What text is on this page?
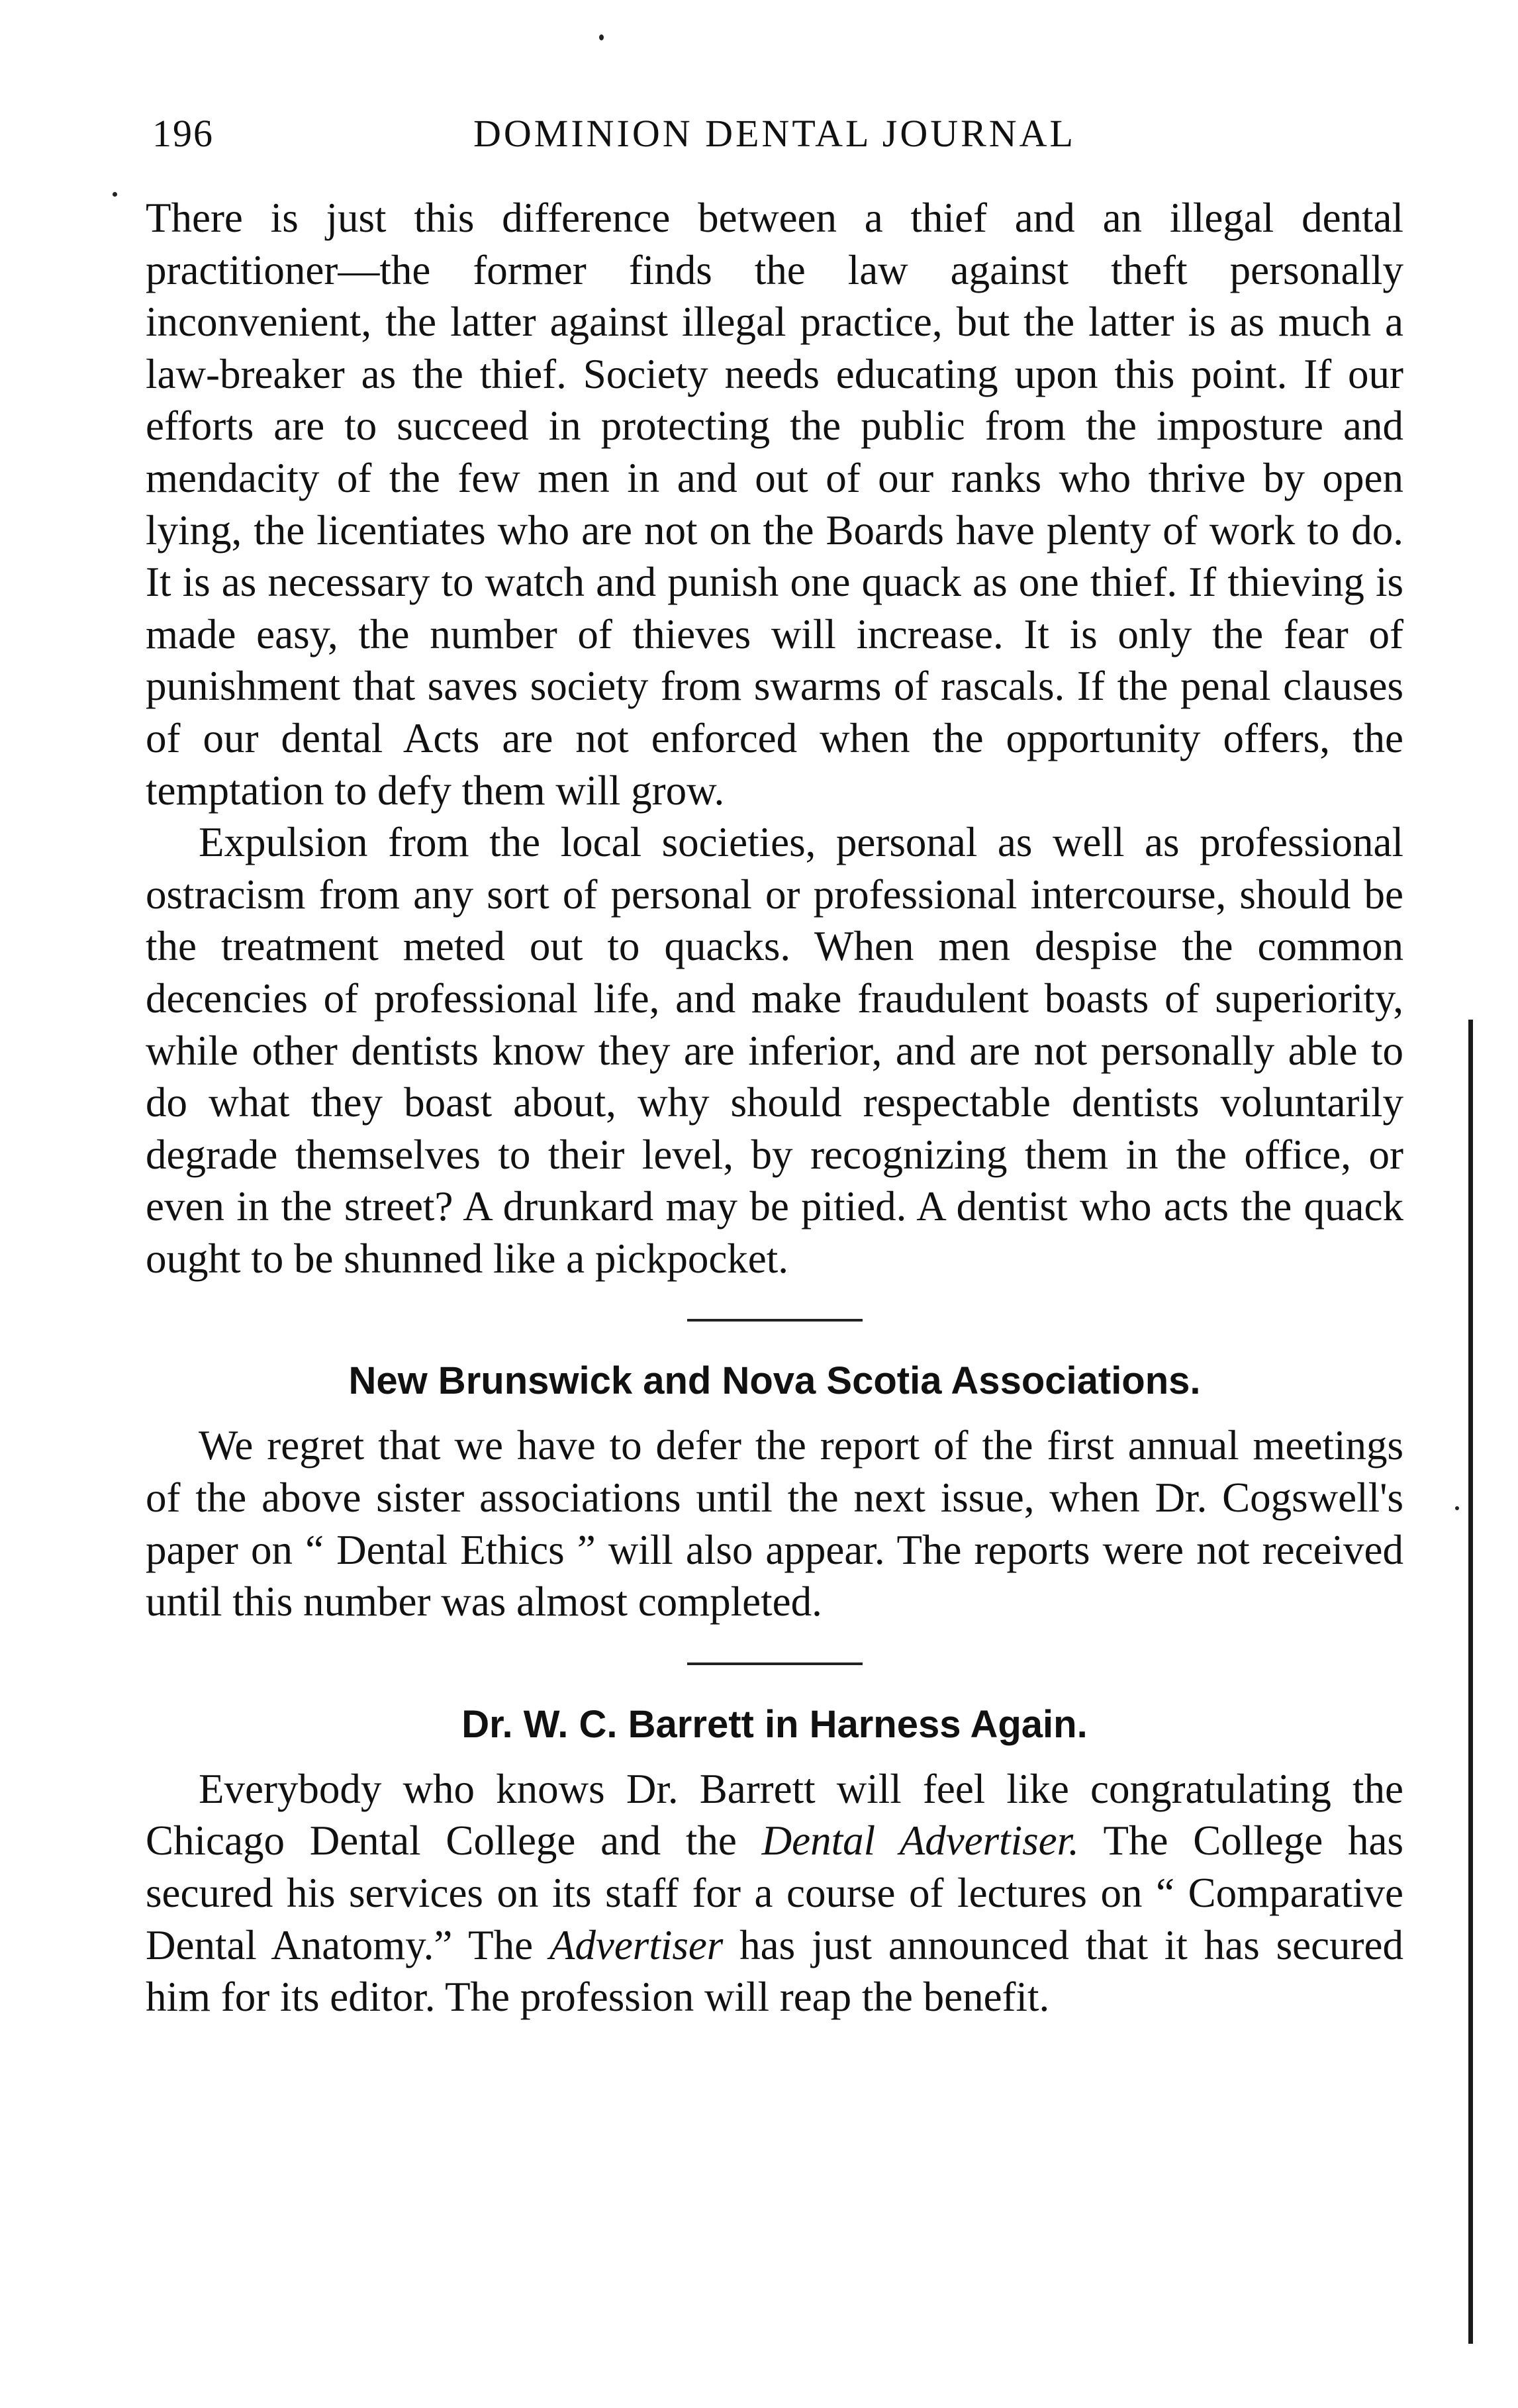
196	DOMINION DENTAL JOURNAL

There is just this difference between a thief and an illegal dental practitioner—the former finds the law against theft personally inconvenient, the latter against illegal practice, but the latter is as much a law-breaker as the thief. Society needs educating upon this point. If our efforts are to succeed in protecting the public from the imposture and mendacity of the few men in and out of our ranks who thrive by open lying, the licentiates who are not on the Boards have plenty of work to do. It is as necessary to watch and punish one quack as one thief. If thieving is made easy, the number of thieves will increase. It is only the fear of punishment that saves society from swarms of rascals. If the penal clauses of our dental Acts are not enforced when the opportunity offers, the temptation to defy them will grow.

Expulsion from the local societies, personal as well as professional ostracism from any sort of personal or professional intercourse, should be the treatment meted out to quacks. When men despise the common decencies of professional life, and make fraudulent boasts of superiority, while other dentists know they are inferior, and are not personally able to do what they boast about, why should respectable dentists voluntarily degrade themselves to their level, by recognizing them in the office, or even in the street? A drunkard may be pitied. A dentist who acts the quack ought to be shunned like a pickpocket.

New Brunswick and Nova Scotia Associations.

We regret that we have to defer the report of the first annual meetings of the above sister associations until the next issue, when Dr. Cogswell's paper on “ Dental Ethics ” will also appear. The reports were not received until this number was almost completed.

Dr. W. C. Barrett in Harness Again.

Everybody who knows Dr. Barrett will feel like congratulating the Chicago Dental College and the Dental Advertiser. The College has secured his services on its staff for a course of lectures on “ Comparative Dental Anatomy.” The Advertiser has just announced that it has secured him for its editor. The profession will reap the benefit.
